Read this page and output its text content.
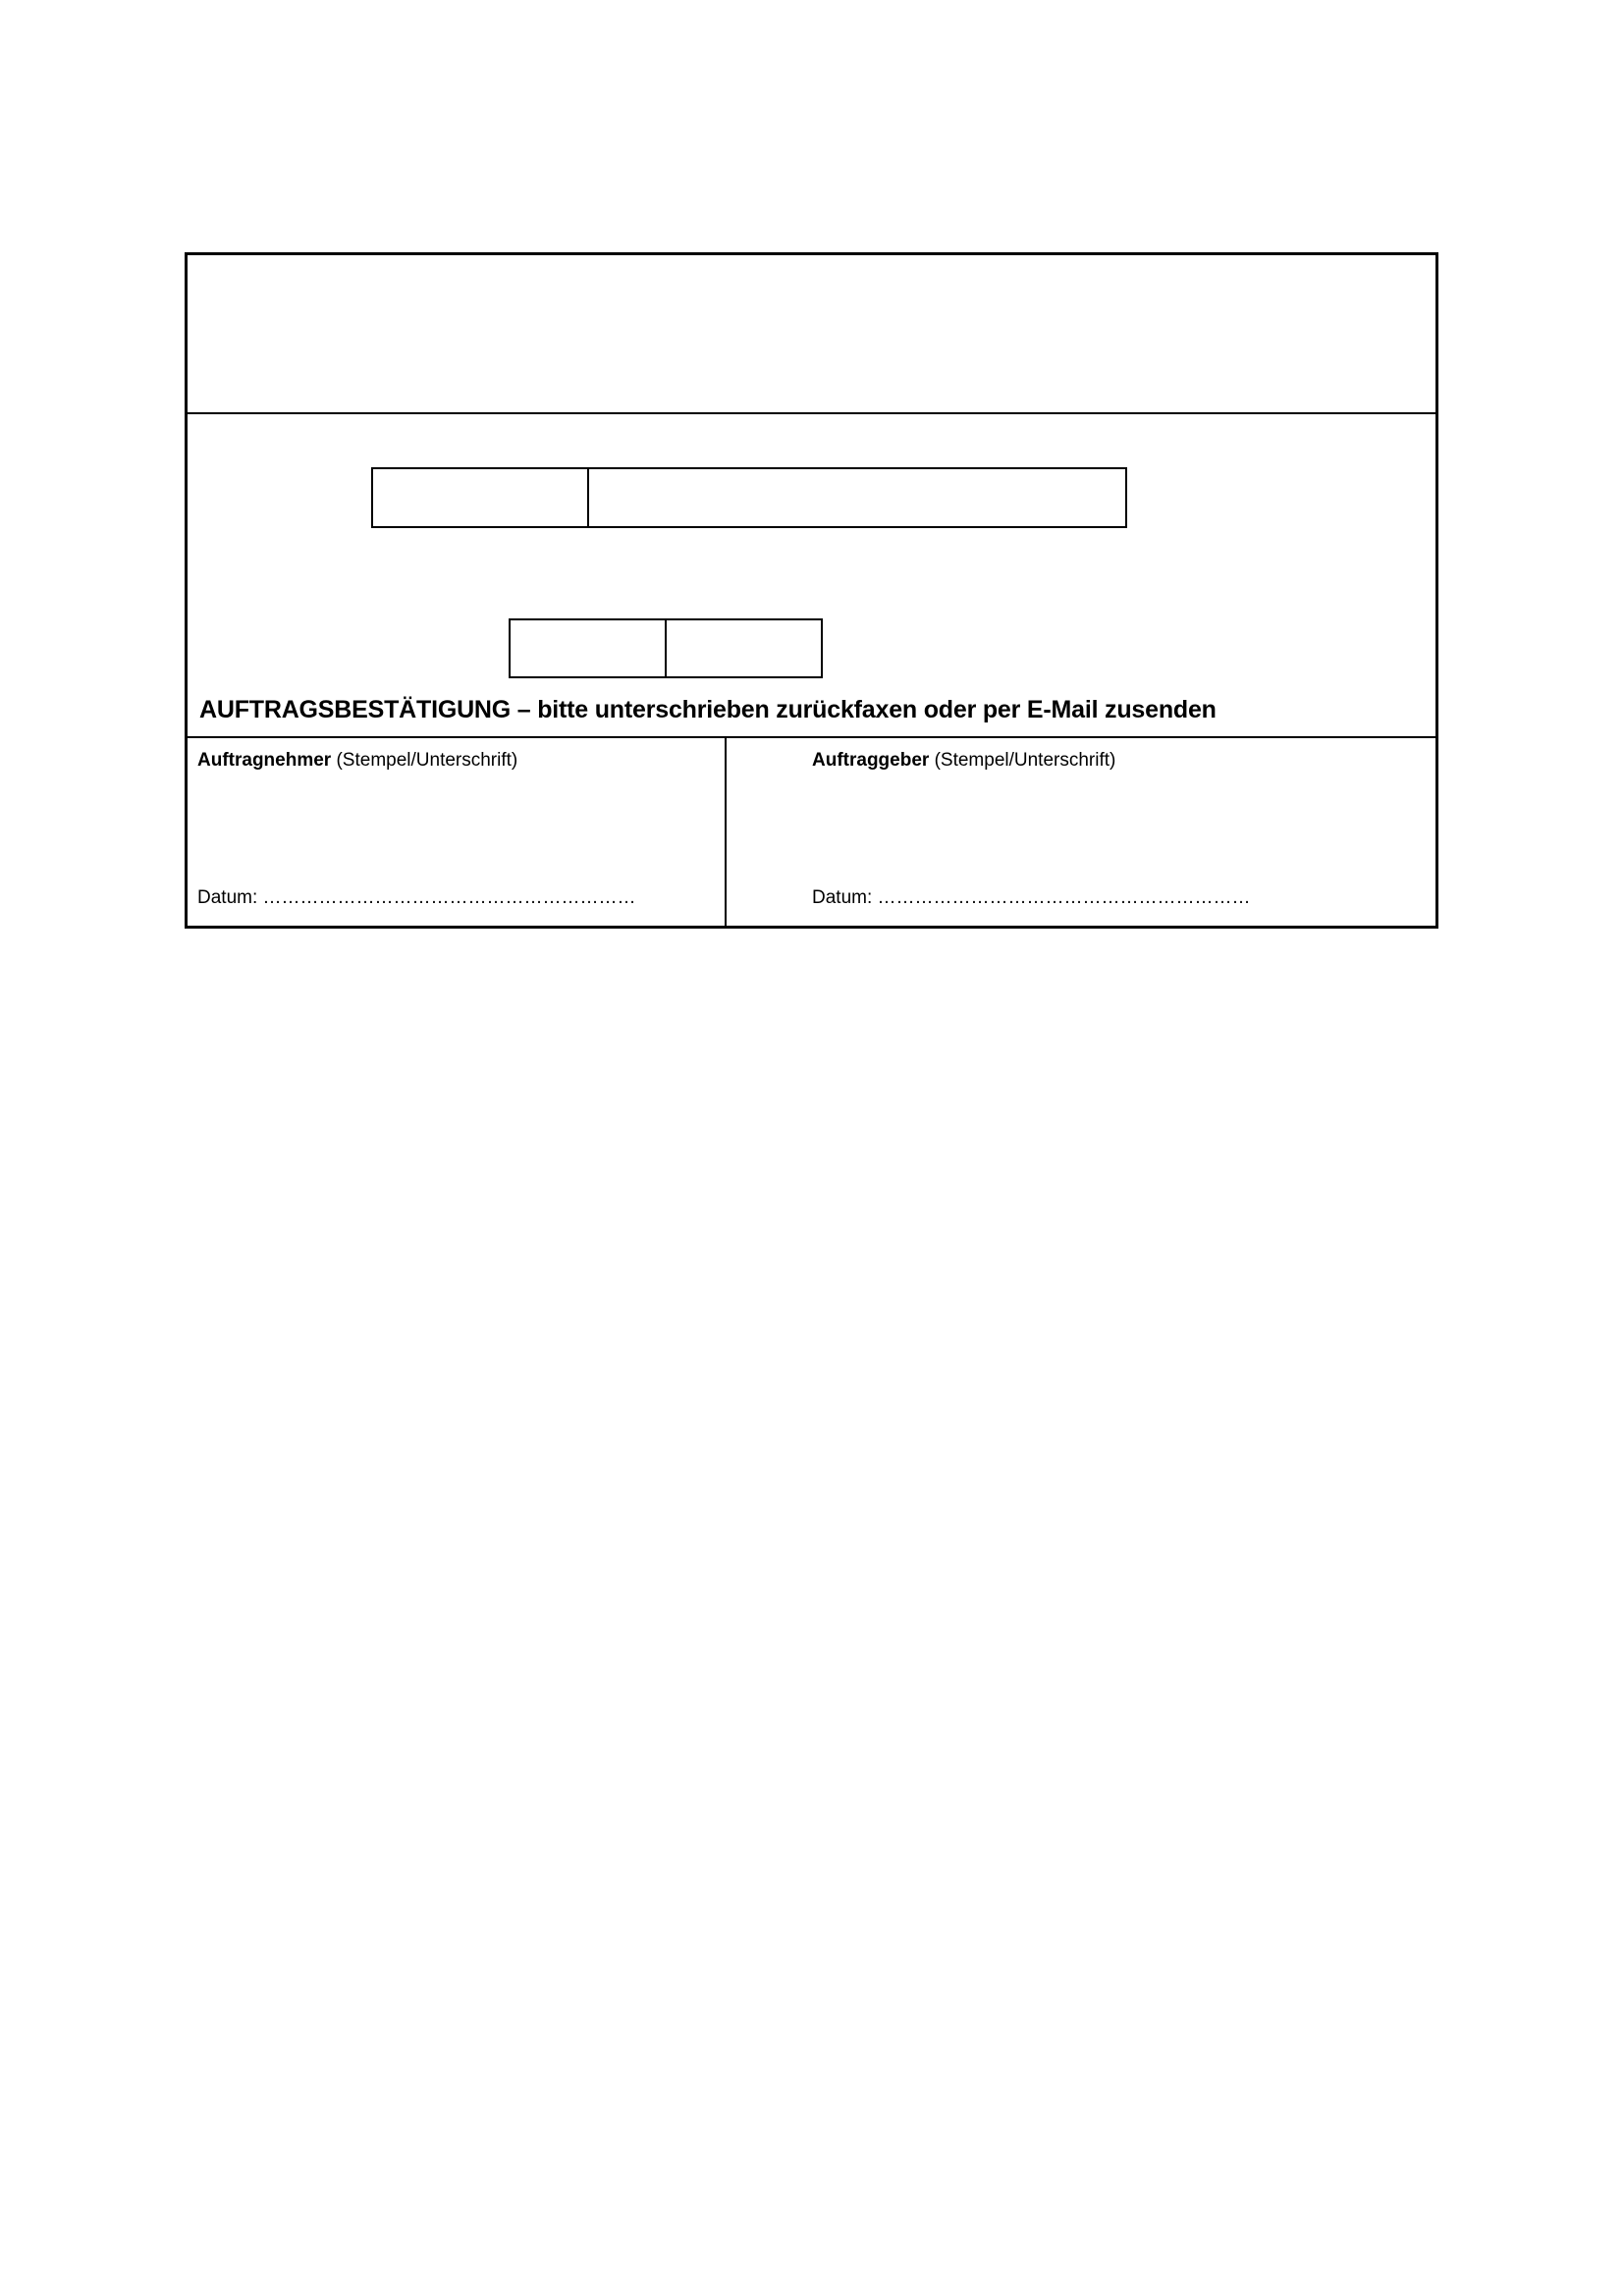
AUFTRAGSBESTÄTIGUNG – bitte unterschrieben zurückfaxen oder per E-Mail zusenden
Auftragnehmer (Stempel/Unterschrift)
Datum: ……………………………………………………
Auftraggeber (Stempel/Unterschrift)
Datum: ……………………………………………………
